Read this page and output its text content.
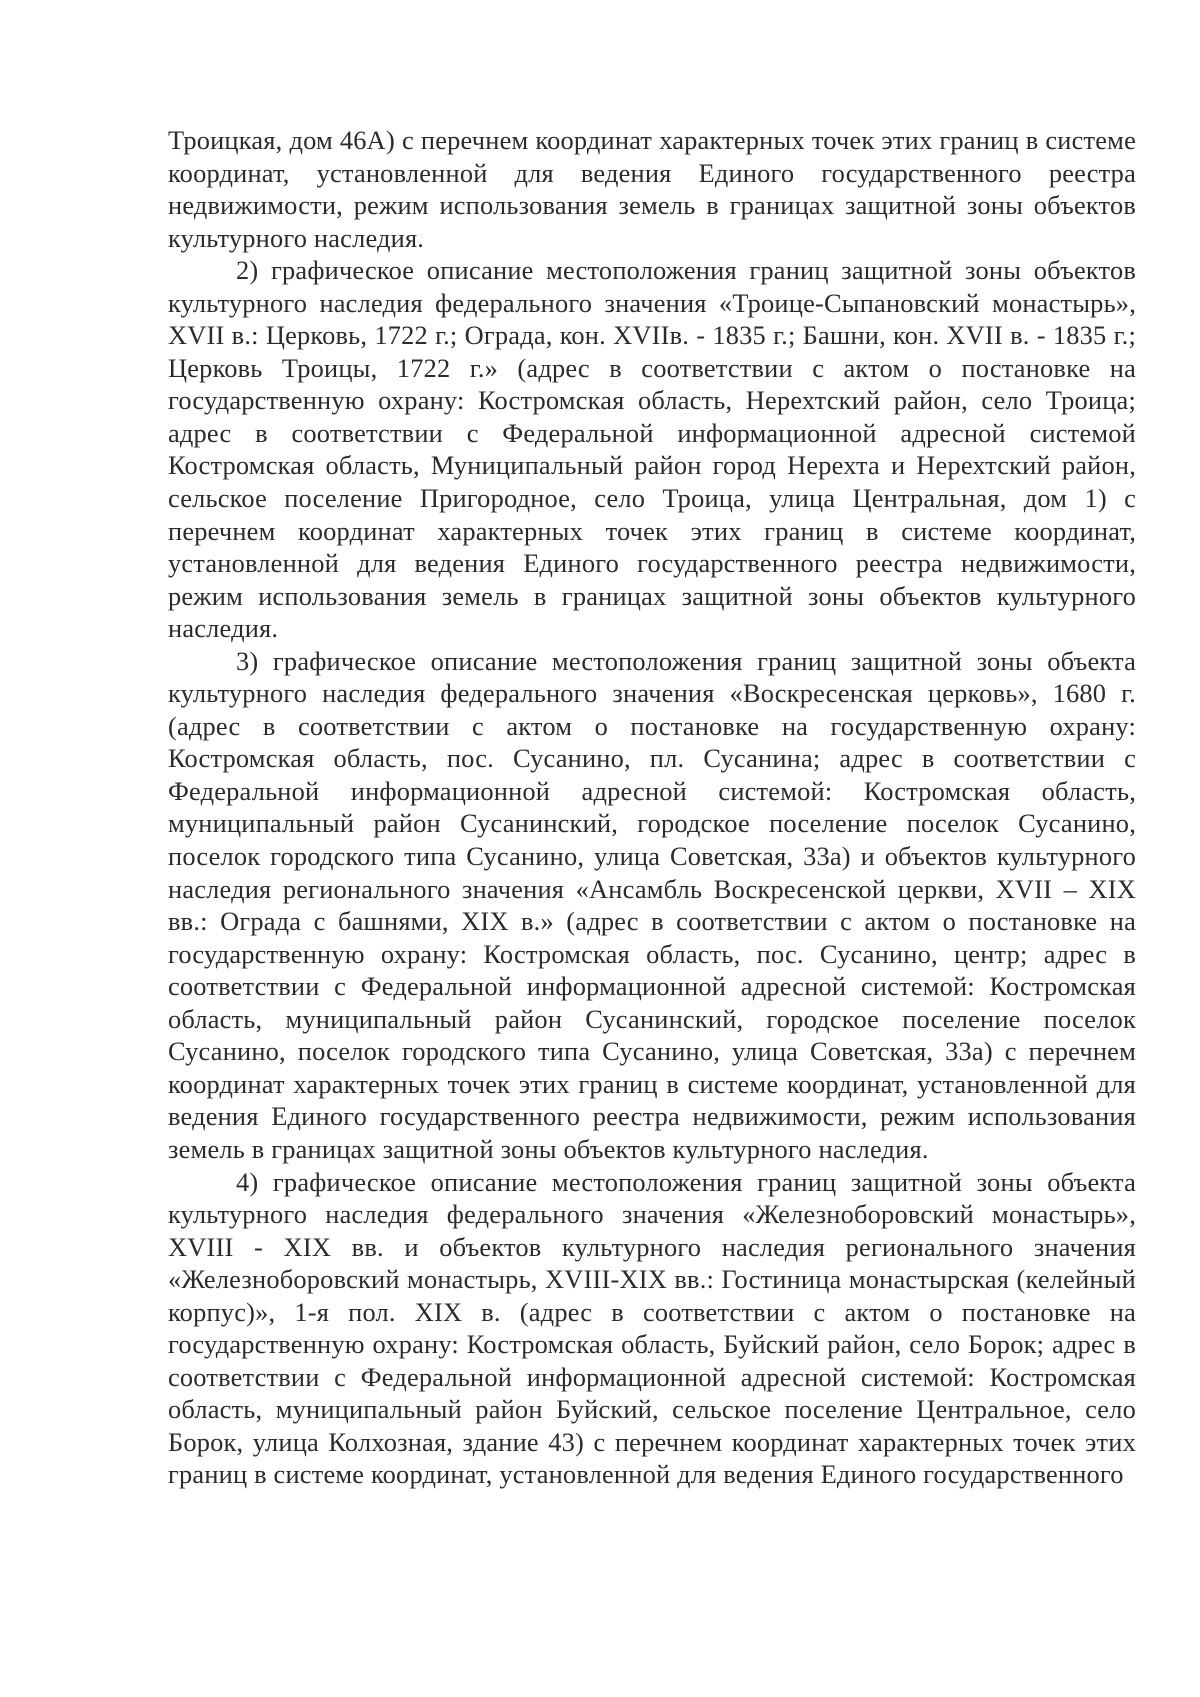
Троицкая, дом 46А) с перечнем координат характерных точек этих границ в системе координат, установленной для ведения Единого государственного реестра недвижимости, режим использования земель в границах защитной зоны объектов культурного наследия.

2) графическое описание местоположения границ защитной зоны объектов культурного наследия федерального значения «Троице-Сыпановский монастырь», XVII в.: Церковь, 1722 г.; Ограда, кон. XVIIв. - 1835 г.; Башни, кон. XVII в. - 1835 г.; Церковь Троицы, 1722 г.» (адрес в соответствии с актом о постановке на государственную охрану: Костромская область, Нерехтский район, село Троица; адрес в соответствии с Федеральной информационной адресной системой Костромская область, Муниципальный район город Нерехта и Нерехтский район, сельское поселение Пригородное, село Троица, улица Центральная, дом 1) с перечнем координат характерных точек этих границ в системе координат, установленной для ведения Единого государственного реестра недвижимости, режим использования земель в границах защитной зоны объектов культурного наследия.

3) графическое описание местоположения границ защитной зоны объекта культурного наследия федерального значения «Воскресенская церковь», 1680 г. (адрес в соответствии с актом о постановке на государственную охрану: Костромская область, пос. Сусанино, пл. Сусанина; адрес в соответствии с Федеральной информационной адресной системой: Костромская область, муниципальный район Сусанинский, городское поселение поселок Сусанино, поселок городского типа Сусанино, улица Советская, 33а) и объектов культурного наследия регионального значения «Ансамбль Воскресенской церкви, XVII – XIX вв.: Ограда с башнями, XIX в.» (адрес в соответствии с актом о постановке на государственную охрану: Костромская область, пос. Сусанино, центр; адрес в соответствии с Федеральной информационной адресной системой: Костромская область, муниципальный район Сусанинский, городское поселение поселок Сусанино, поселок городского типа Сусанино, улица Советская, 33а) с перечнем координат характерных точек этих границ в системе координат, установленной для ведения Единого государственного реестра недвижимости, режим использования земель в границах защитной зоны объектов культурного наследия.

4) графическое описание местоположения границ защитной зоны объекта культурного наследия федерального значения «Железноборовский монастырь», XVIII - XIX вв. и объектов культурного наследия регионального значения «Железноборовский монастырь, XVIII-XIX вв.: Гостиница монастырская (келейный корпус)», 1-я пол. XIX в. (адрес в соответствии с актом о постановке на государственную охрану: Костромская область, Буйский район, село Борок; адрес в соответствии с Федеральной информационной адресной системой: Костромская область, муниципальный район Буйский, сельское поселение Центральное, село Борок, улица Колхозная, здание 43) с перечнем координат характерных точек этих границ в системе координат, установленной для ведения Единого государственного
